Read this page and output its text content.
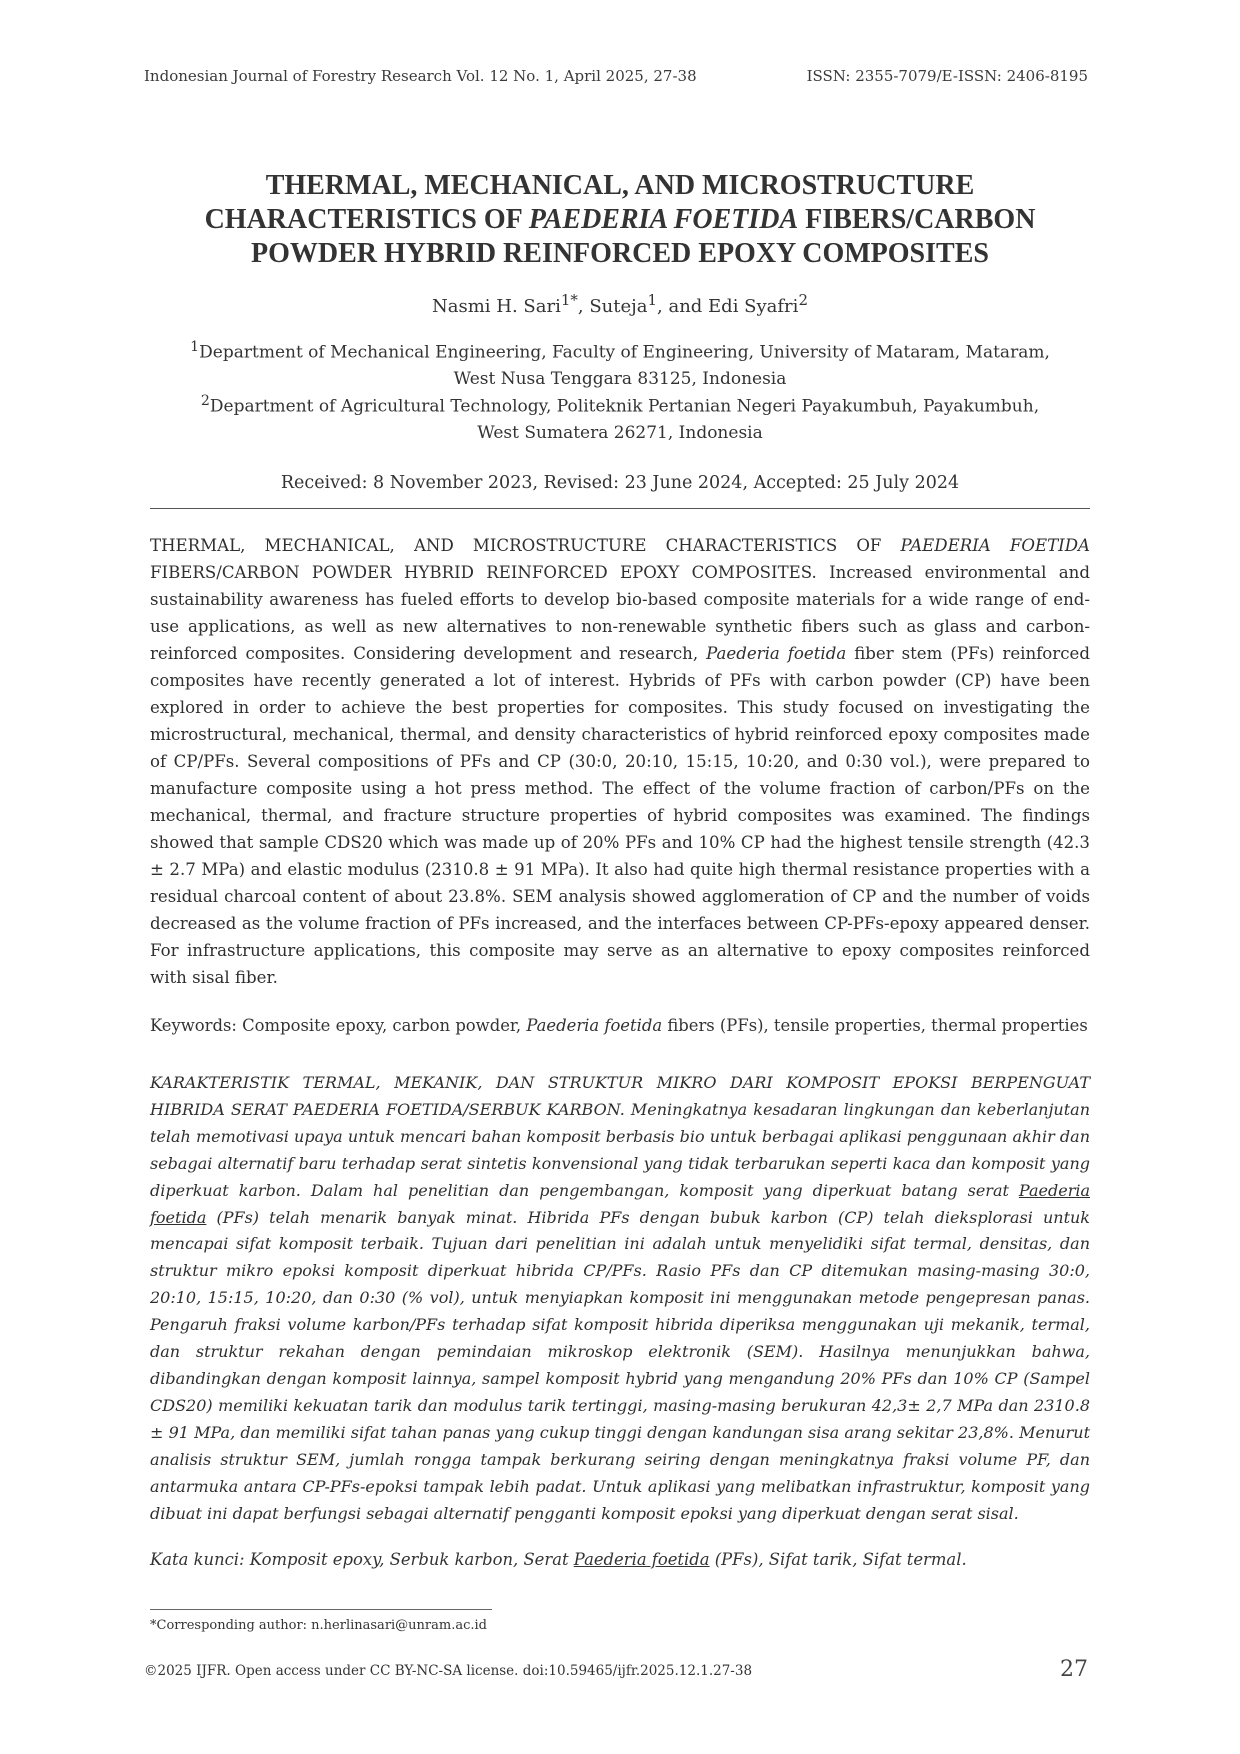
Indonesian Journal of Forestry Research Vol. 12 No. 1, April 2025, 27-38	ISSN: 2355-7079/E-ISSN: 2406-8195
THERMAL, MECHANICAL, AND MICROSTRUCTURE
CHARACTERISTICS OF PAEDERIA FOETIDA FIBERS/CARBON
POWDER HYBRID REINFORCED EPOXY COMPOSITES
Nasmi H. Sari$^{1*}$, Suteja$^1$, and Edi Syafri$^2$
$^1$Department of Mechanical Engineering, Faculty of Engineering, University of Mataram, Mataram,
West Nusa Tenggara 83125, Indonesia
$^2$Department of Agricultural Technology, Politeknik Pertanian Negeri Payakumbuh, Payakumbuh,
West Sumatera 26271, Indonesia
Received: 8 November 2023, Revised: 23 June 2024, Accepted: 25 July 2024
THERMAL, MECHANICAL, AND MICROSTRUCTURE CHARACTERISTICS OF PAEDERIA FOETIDA FIBERS/CARBON POWDER HYBRID REINFORCED EPOXY COMPOSITES. Increased environmental and sustainability awareness has fueled efforts to develop bio-based composite materials for a wide range of end-use applications, as well as new alternatives to non-renewable synthetic fibers such as glass and carbon-reinforced composites. Considering development and research, Paederia foetida fiber stem (PFs) reinforced composites have recently generated a lot of interest. Hybrids of PFs with carbon powder (CP) have been explored in order to achieve the best properties for composites. This study focused on investigating the microstructural, mechanical, thermal, and density characteristics of hybrid reinforced epoxy composites made of CP/PFs. Several compositions of PFs and CP (30:0, 20:10, 15:15, 10:20, and 0:30 vol.), were prepared to manufacture composite using a hot press method. The effect of the volume fraction of carbon/PFs on the mechanical, thermal, and fracture structure properties of hybrid composites was examined. The findings showed that sample CDS20 which was made up of 20% PFs and 10% CP had the highest tensile strength (42.3 ± 2.7 MPa) and elastic modulus (2310.8 ± 91 MPa). It also had quite high thermal resistance properties with a residual charcoal content of about 23.8%. SEM analysis showed agglomeration of CP and the number of voids decreased as the volume fraction of PFs increased, and the interfaces between CP-PFs-epoxy appeared denser. For infrastructure applications, this composite may serve as an alternative to epoxy composites reinforced with sisal fiber.
Keywords: Composite epoxy, carbon powder, Paederia foetida fibers (PFs), tensile properties, thermal properties
KARAKTERISTIK TERMAL, MEKANIK, DAN STRUKTUR MIKRO DARI KOMPOSIT EPOKSI BERPENGUAT HIBRIDA SERAT PAEDERIA FOETIDA/SERBUK KARBON. Meningkatnya kesadaran lingkungan dan keberlanjutan telah memotivasi upaya untuk mencari bahan komposit berbasis bio untuk berbagai aplikasi penggunaan akhir dan sebagai alternatif baru terhadap serat sintetis konvensional yang tidak terbarukan seperti kaca dan komposit yang diperkuat karbon. Dalam hal penelitian dan pengembangan, komposit yang diperkuat batang serat Paederia foetida (PFs) telah menarik banyak minat. Hibrida PFs dengan bubuk karbon (CP) telah dieksplorasi untuk mencapai sifat komposit terbaik. Tujuan dari penelitian ini adalah untuk menyelidiki sifat termal, densitas, dan struktur mikro epoksi komposit diperkuat hibrida CP/PFs. Rasio PFs dan CP ditemukan masing-masing 30:0, 20:10, 15:15, 10:20, dan 0:30 (% vol), untuk menyiapkan komposit ini menggunakan metode pengepresan panas. Pengaruh fraksi volume karbon/PFs terhadap sifat komposit hibrida diperiksa menggunakan uji mekanik, termal, dan struktur rekahan dengan pemindaian mikroskop elektronik (SEM). Hasilnya menunjukkan bahwa, dibandingkan dengan komposit lainnya, sampel komposit hybrid yang mengandung 20% PFs dan 10% CP (Sampel CDS20) memiliki kekuatan tarik dan modulus tarik tertinggi, masing-masing berukuran 42,3± 2,7 MPa dan 2310.8 ± 91 MPa, dan memiliki sifat tahan panas yang cukup tinggi dengan kandungan sisa arang sekitar 23,8%. Menurut analisis struktur SEM, jumlah rongga tampak berkurang seiring dengan meningkatnya fraksi volume PF, dan antarmuka antara CP-PFs-epoksi tampak lebih padat. Untuk aplikasi yang melibatkan infrastruktur, komposit yang dibuat ini dapat berfungsi sebagai alternatif pengganti komposit epoksi yang diperkuat dengan serat sisal.
Kata kunci: Komposit epoxy, Serbuk karbon, Serat Paederia foetida (PFs), Sifat tarik, Sifat termal.
*Corresponding author: n.herlinasari@unram.ac.id
©2025 IJFR. Open access under CC BY-NC-SA license. doi:10.59465/ijfr.2025.12.1.27-38	27
